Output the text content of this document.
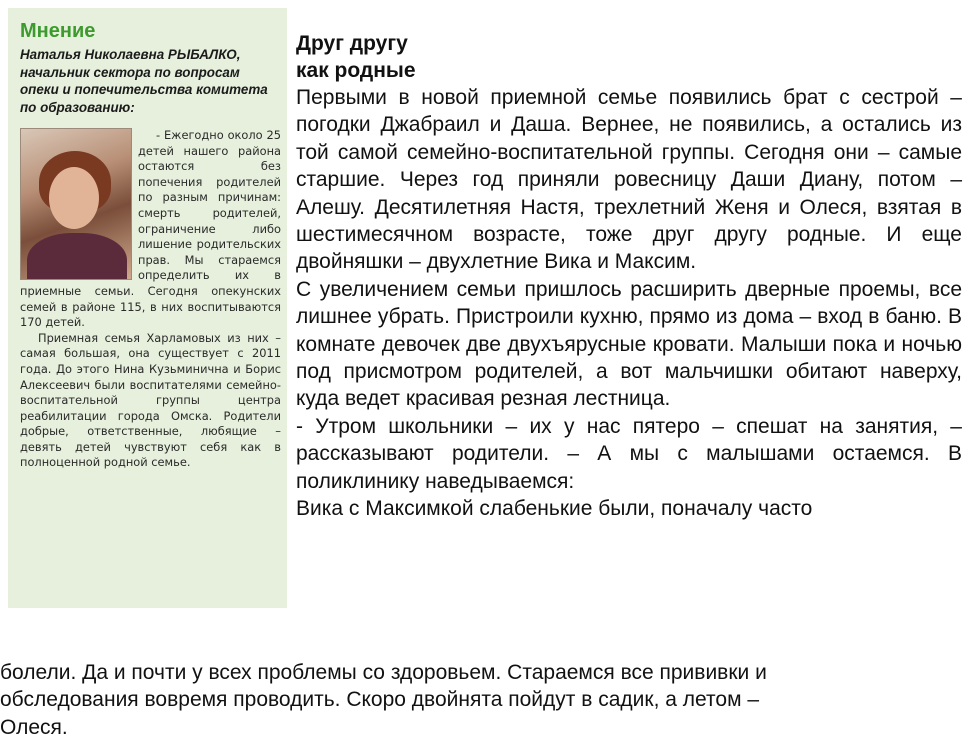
Мнение
Наталья Николаевна РЫБАЛКО, начальник сектора по вопросам опеки и попечительства комитета по образованию:

- Ежегодно около 25 детей нашего района остаются без попечения родителей по разным причинам: смерть родителей, ограничение либо лишение родительских прав. Мы стараемся определить их в приемные семьи. Сегодня опекунских семей в районе 115, в них воспитываются 170 детей.

Приемная семья Харламовых из них – самая большая, она существует с 2011 года. До этого Нина Кузьминична и Борис Алексеевич были воспитателями семейно-воспитательной группы центра реабилитации города Омска. Родители добрые, ответственные, любящие – девять детей чувствуют себя как в полноценной родной семье.

Друг другу
как родные

Первыми в новой приемной семье появились брат с сестрой – погодки Джабраил и Даша. Вернее, не появились, а остались из той самой семейно-воспитательной группы. Сегодня они – самые старшие. Через год приняли ровесницу Даши Диану, потом – Алешу. Десятилетняя Настя, трехлетний Женя и Олеся, взятая в шестимесячном возрасте, тоже друг другу родные. И еще двойняшки – двухлетние Вика и Максим.

С увеличением семьи пришлось расширить дверные проемы, все лишнее убрать. Пристроили кухню, прямо из дома – вход в баню. В комнате девочек две двухъярусные кровати. Малыши пока и ночью под присмотром родителей, а вот мальчишки обитают наверху, куда ведет красивая резная лестница.

- Утром школьники – их у нас пятеро – спешат на занятия, – рассказывают родители. – А мы с малышами остаемся. В поликлинику наведываемся:

Вика с Максимкой слабенькие были, поначалу часто

болели. Да и почти у всех проблемы со здоровьем. Стараемся все прививки и
обследования вовремя проводить. Скоро двойнята пойдут в садик, а летом –
Олеся.
